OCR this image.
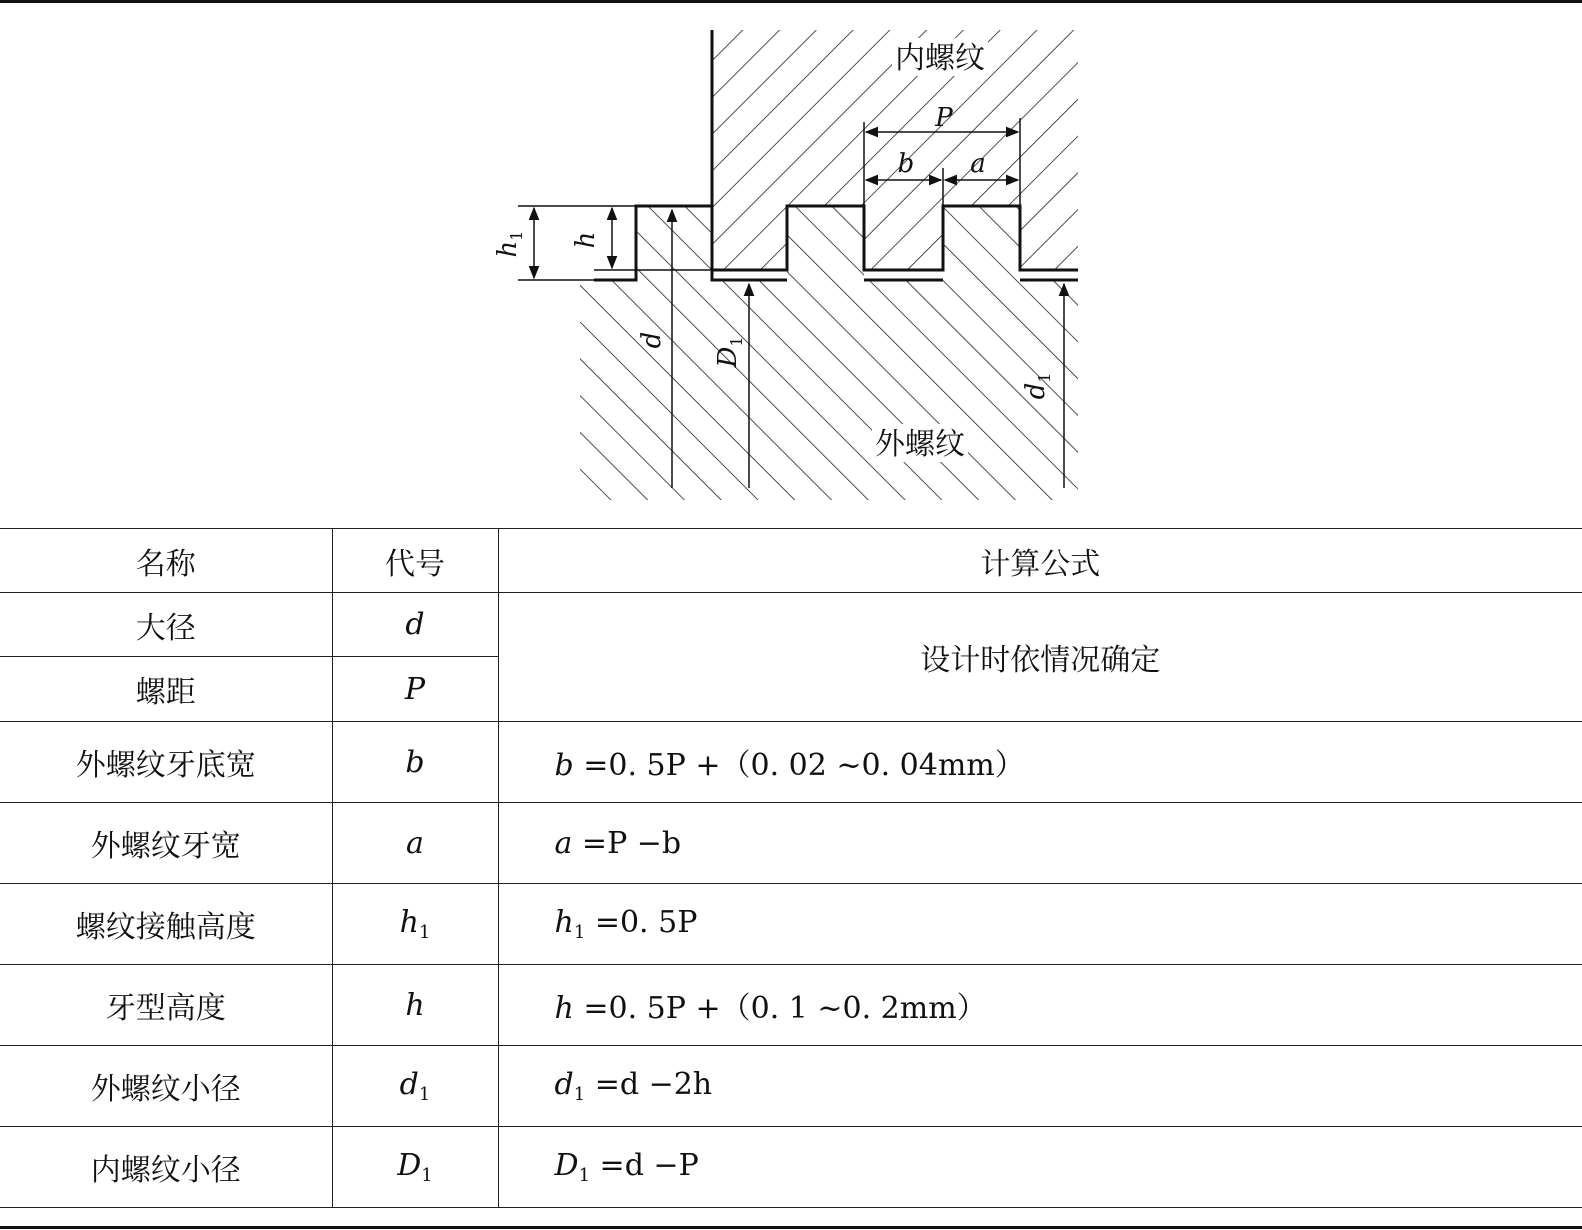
P
b a
$h_1$ h
d
$D_1$
$d_1$
内螺纹
外螺纹
名称	代号	计算公式
大径	d	设计时依情况确定
螺距	P	
外螺纹牙底宽	b	b =0. 5P +（0. 02 ~0. 04mm）
外螺纹牙宽	a	a =P −b
螺纹接触高度	$h_1$	$h_1 =0$. 5P
牙型高度	h	h =0. 5P +（0. 1 ~0. 2mm）
外螺纹小径	$d_1$	$d_1 =d -2h$
内螺纹小径	$D_1$	$D_1 =d -P$
